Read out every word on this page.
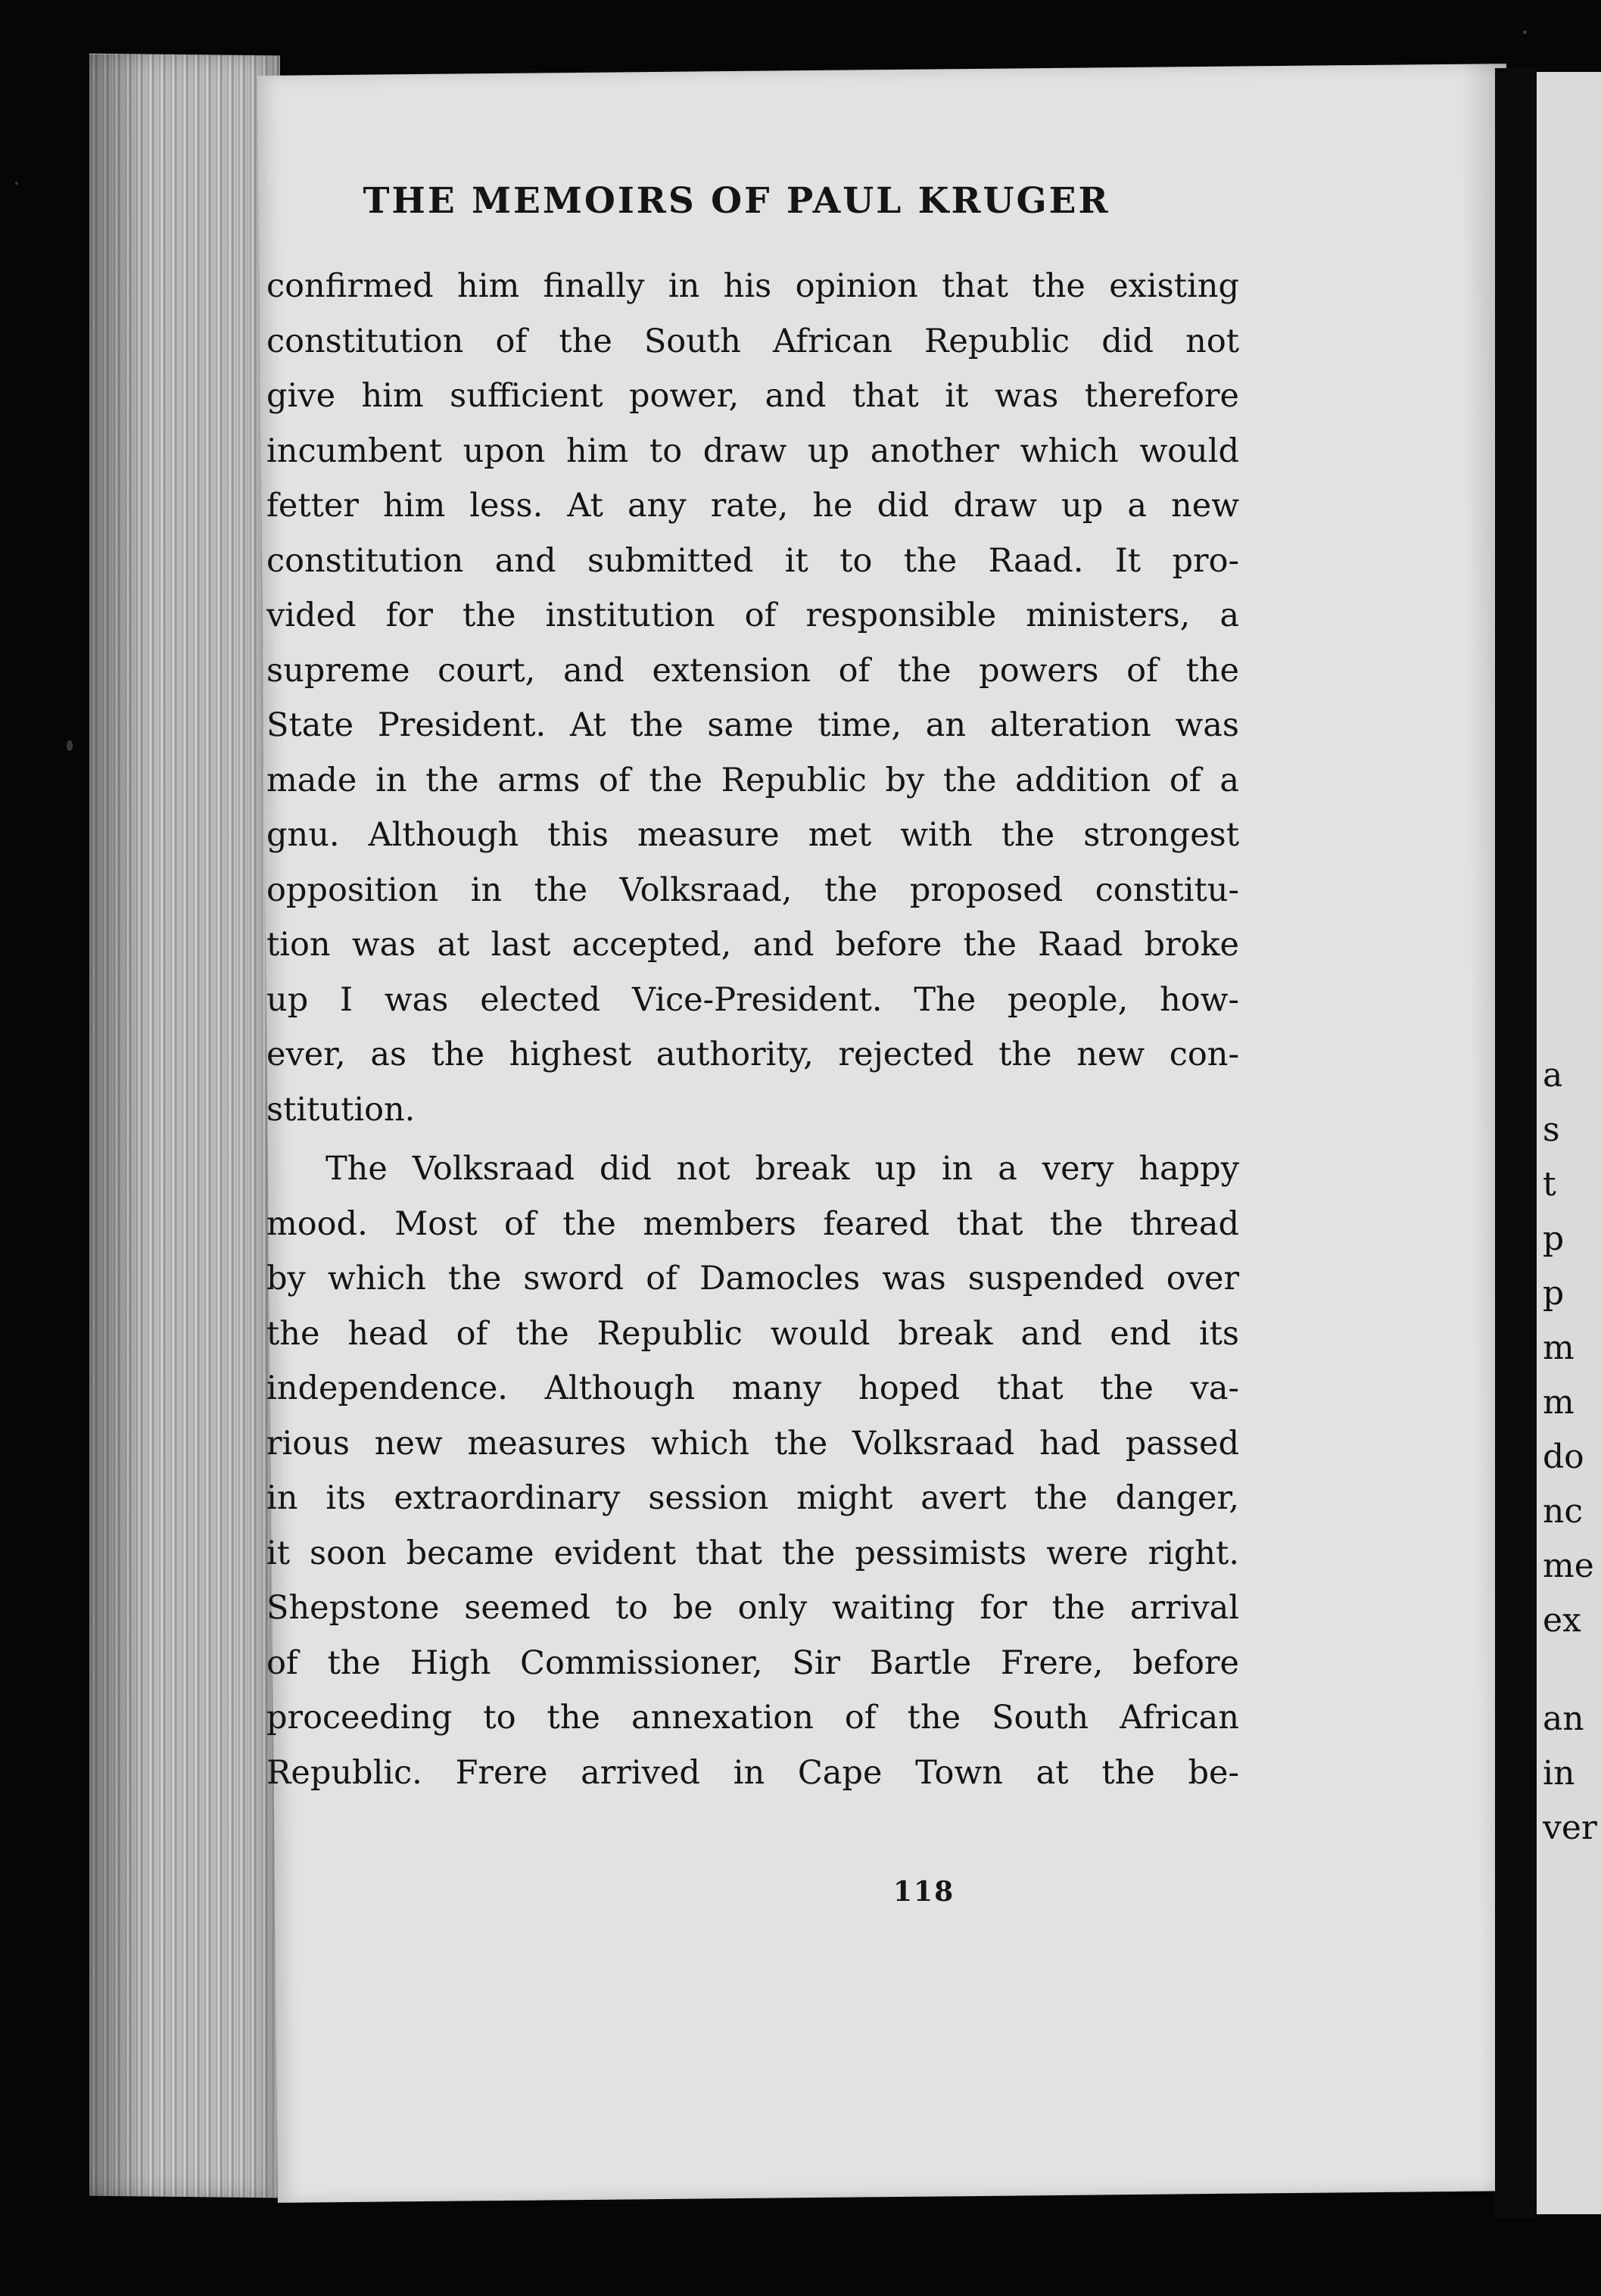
a
s
t
p
p
m
m
do
nc
me
ex
an
in
ver
THE MEMOIRS OF PAUL KRUGER
confirmed him finally in his opinion that the existing
constitution of the South African Republic did not
give him sufficient power, and that it was therefore
incumbent upon him to draw up another which would
fetter him less. At any rate, he did draw up a new
constitution and submitted it to the Raad. It pro-
vided for the institution of responsible ministers, a
supreme court, and extension of the powers of the
State President. At the same time, an alteration was
made in the arms of the Republic by the addition of a
gnu. Although this measure met with the strongest
opposition in the Volksraad, the proposed constitu-
tion was at last accepted, and before the Raad broke
up I was elected Vice-President. The people, how-
ever, as the highest authority, rejected the new con-
stitution.
The Volksraad did not break up in a very happy
mood. Most of the members feared that the thread
by which the sword of Damocles was suspended over
the head of the Republic would break and end its
independence. Although many hoped that the va-
rious new measures which the Volksraad had passed
in its extraordinary session might avert the danger,
it soon became evident that the pessimists were right.
Shepstone seemed to be only waiting for the arrival
of the High Commissioner, Sir Bartle Frere, before
proceeding to the annexation of the South African
Republic. Frere arrived in Cape Town at the be-
118
